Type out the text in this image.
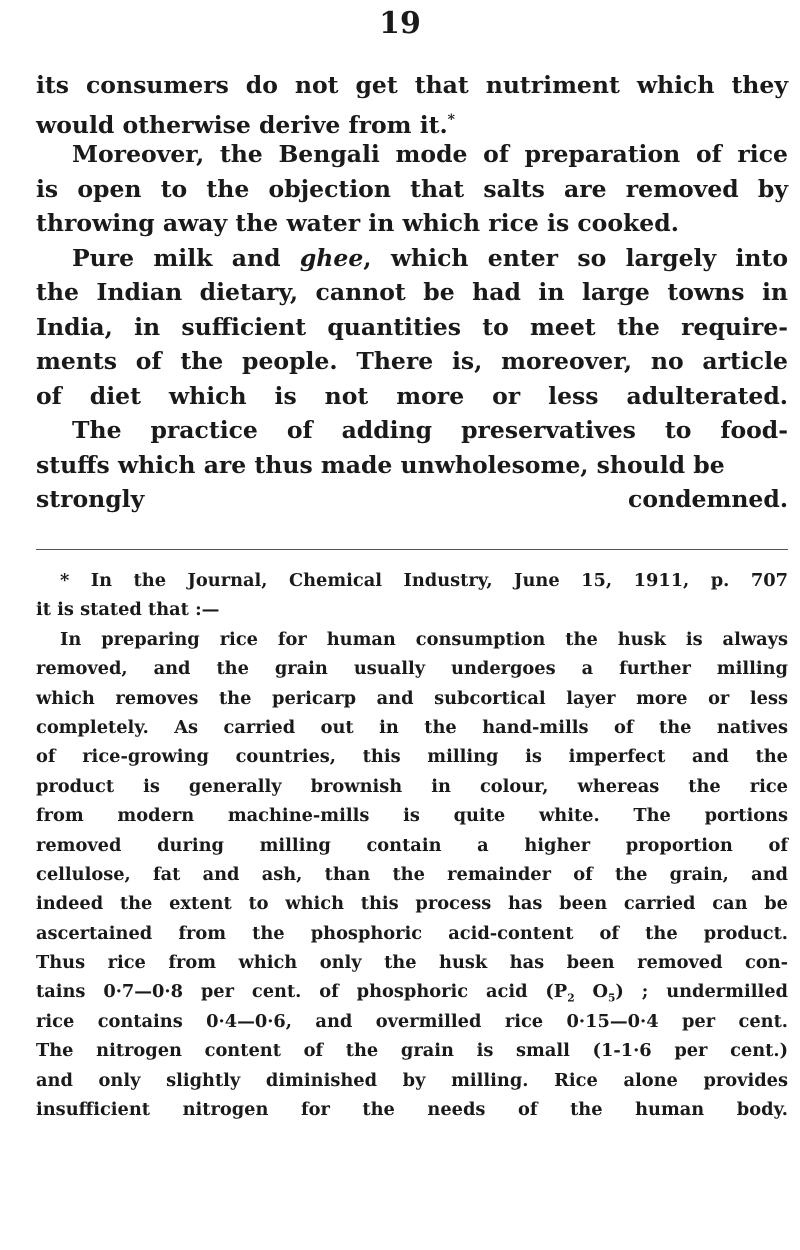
19
its consumers do not get that nutriment which they
would otherwise derive from it.*
Moreover, the Bengali mode of preparation of rice
is open to the objection that salts are removed by
throwing away the water in which rice is cooked.
Pure milk and ghee, which enter so largely into
the Indian dietary, cannot be had in large towns in
India, in sufficient quantities to meet the require-
ments of the people. There is, moreover, no article
of diet which is not more or less adulterated.
The practice of adding preservatives to food-
stuffs which are thus made unwholesome, should be
strongly condemned.
* In the Journal, Chemical Industry, June 15, 1911, p. 707
it is stated that :—
In preparing rice for human consumption the husk is always
removed, and the grain usually undergoes a further milling
which removes the pericarp and subcortical layer more or less
completely. As carried out in the hand-mills of the natives
of rice-growing countries, this milling is imperfect and the
product is generally brownish in colour, whereas the rice
from modern machine-mills is quite white. The portions
removed during milling contain a higher proportion of
cellulose, fat and ash, than the remainder of the grain, and
indeed the extent to which this process has been carried can be
ascertained from the phosphoric acid-content of the product.
Thus rice from which only the husk has been removed con-
tains 0·7—0·8 per cent. of phosphoric acid ($P_2$ $O_5$) ; undermilled
rice contains 0·4—0·6, and overmilled rice 0·15—0·4 per cent.
The nitrogen content of the grain is small (1-1·6 per cent.)
and only slightly diminished by milling. Rice alone provides
insufficient nitrogen for the needs of the human body.
